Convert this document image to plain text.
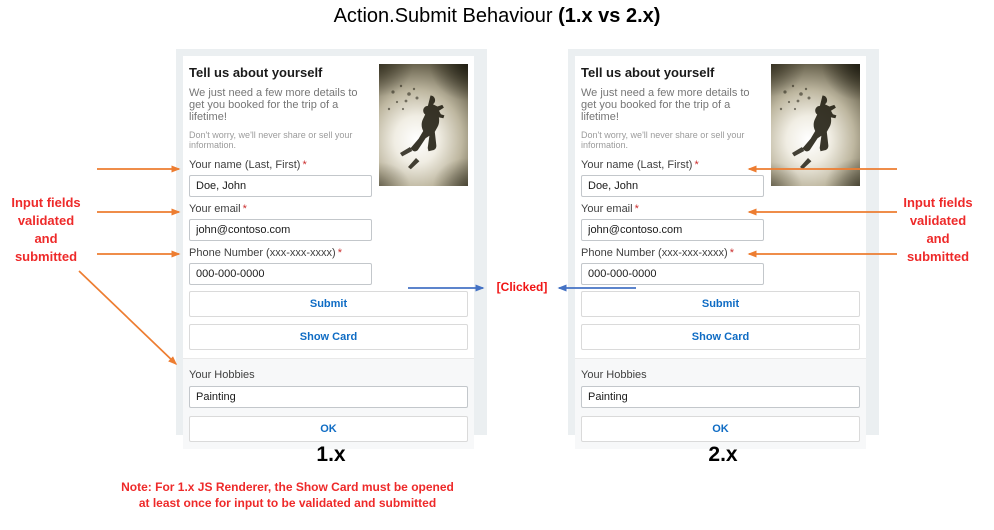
Action.Submit Behaviour (1.x vs 2.x)
Tell us about yourself
We just need a few more details to get you booked for the trip of a lifetime!
Don't worry, we'll never share or sell your information.
Your name (Last, First) *
Doe, John
Your email *
john@contoso.com
Phone Number (xxx-xxx-xxxx) *
000-000-0000
Submit
Show Card
Your Hobbies
Painting
OK
Tell us about yourself
We just need a few more details to get you booked for the trip of a lifetime!
Don't worry, we'll never share or sell your information.
Your name (Last, First) *
Doe, John
Your email *
john@contoso.com
Phone Number (xxx-xxx-xxxx) *
000-000-0000
Submit
Show Card
Your Hobbies
Painting
OK
Input fields
validated
and
submitted
Input fields
validated
and
submitted
[Clicked]
1.x	2.x
Note: For 1.x JS Renderer, the Show Card must be opened
at least once for input to be validated and submitted
